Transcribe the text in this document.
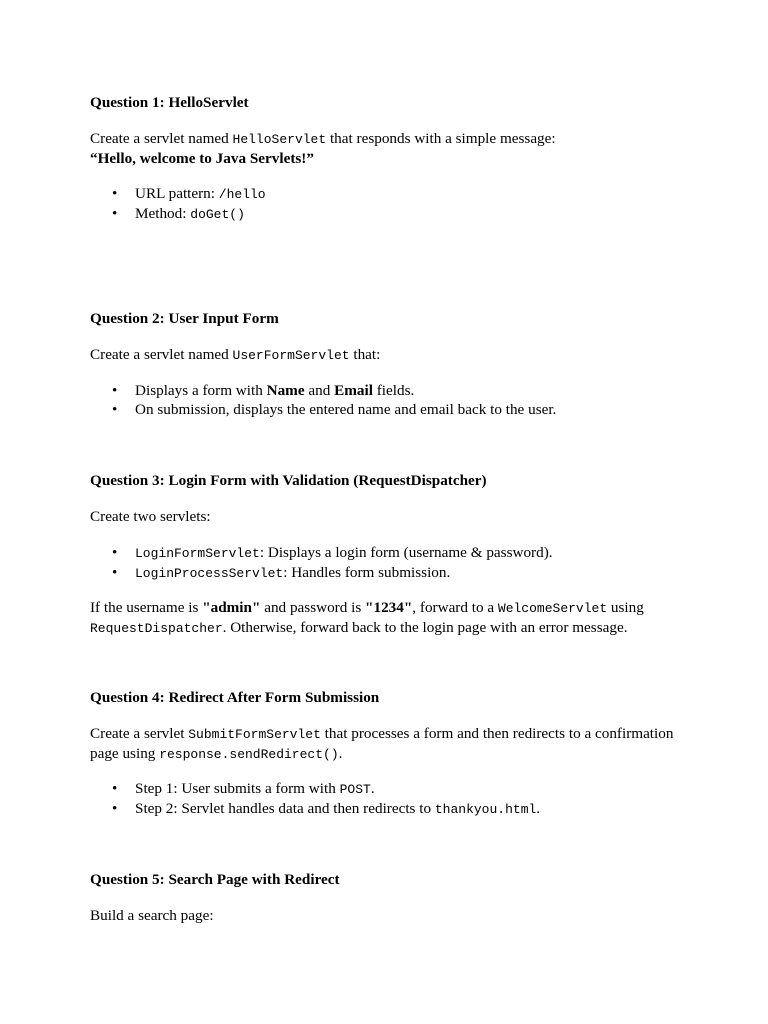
Question 1: HelloServlet

Create a servlet named HelloServlet that responds with a simple message:

“Hello, welcome to Java Servlets!”

• URL pattern: /hello
• Method: doGet()

Question 2: User Input Form

Create a servlet named UserFormServlet that:

• Displays a form with Name and Email fields.
• On submission, displays the entered name and email back to the user.

Question 3: Login Form with Validation (RequestDispatcher)

Create two servlets:

• LoginFormServlet: Displays a login form (username & password).
• LoginProcessServlet: Handles form submission.

If the username is "admin" and password is "1234", forward to a WelcomeServlet using

RequestDispatcher. Otherwise, forward back to the login page with an error message.

Question 4: Redirect After Form Submission

Create a servlet SubmitFormServlet that processes a form and then redirects to a confirmation

page using response.sendRedirect().

• Step 1: User submits a form with POST.
• Step 2: Servlet handles data and then redirects to thankyou.html.

Question 5: Search Page with Redirect

Build a search page:
